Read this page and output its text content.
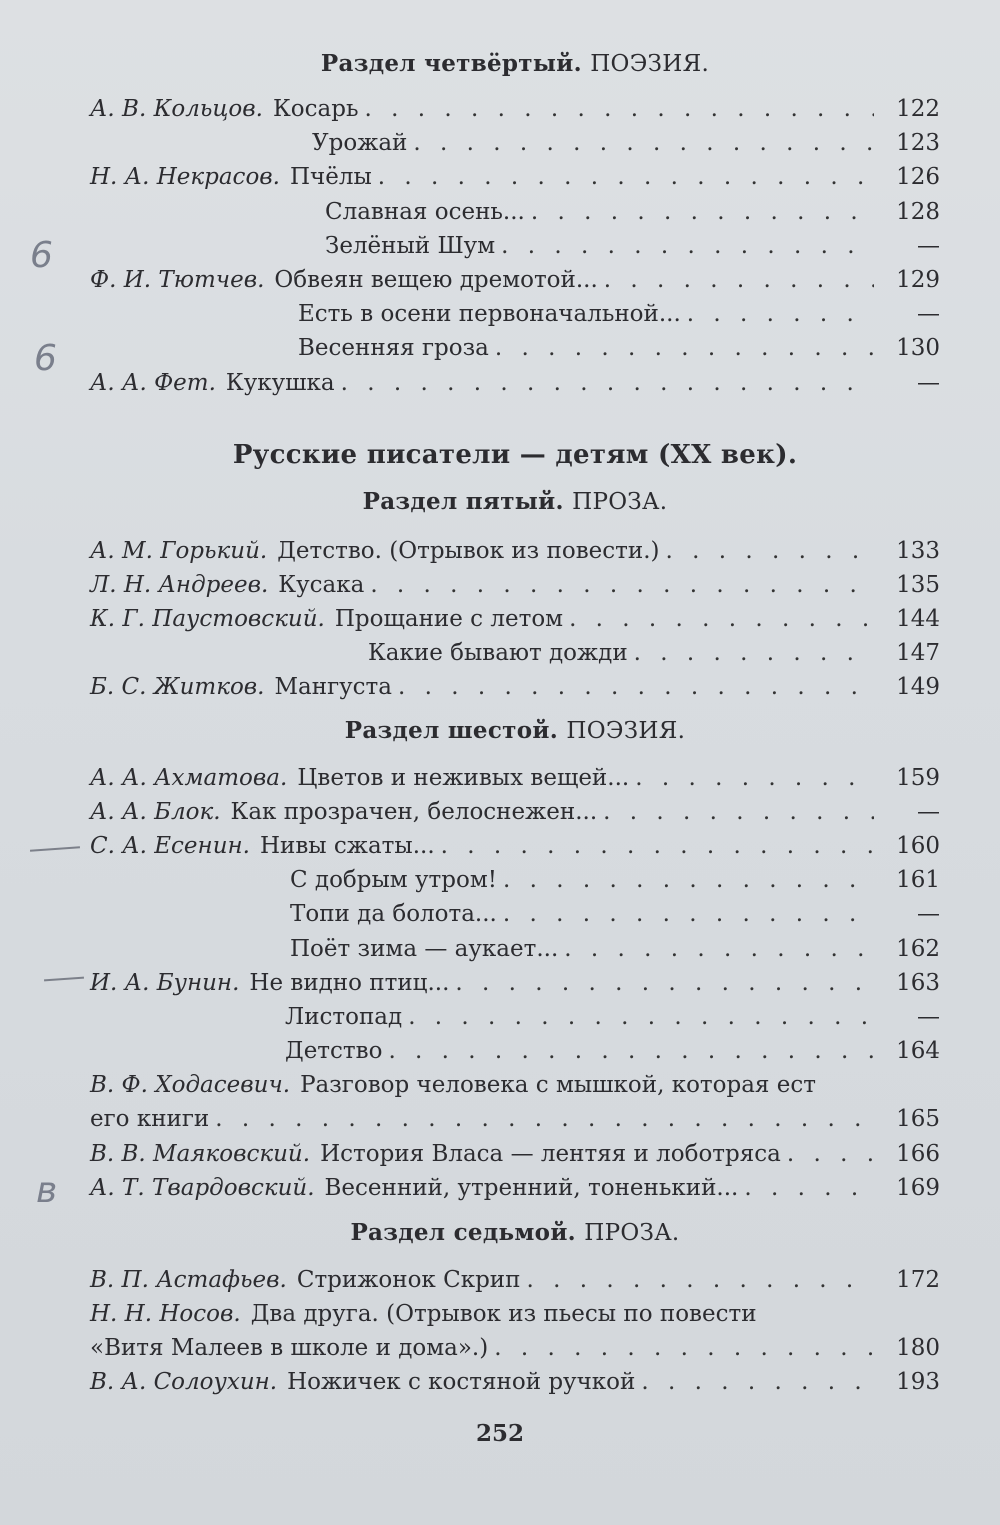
Раздел четвёртый. ПОЭЗИЯ.
А. В. Кольцов. Косарь . . .	122
Урожай . . .	123
Н. А. Некрасов. Пчёлы . . .	126
Славная осень... . . .	128
Зелёный Шум . . .	—
Ф. И. Тютчев. Обвеян вещею дремотой... . . .	129
Есть в осени первоначальной... . . .	—
Весенняя гроза . . .	130
А. А. Фет. Кукушка . . .	—
Русские писатели — детям (XX век).
Раздел пятый. ПРОЗА.
А. М. Горький. Детство. (Отрывок из повести.) . . .	133
Л. Н. Андреев. Кусака . . .	135
К. Г. Паустовский. Прощание с летом . . .	144
Какие бывают дожди . . .	147
Б. С. Житков. Мангуста . . .	149
Раздел шестой. ПОЭЗИЯ.
А. А. Ахматова. Цветов и неживых вещей... . . .	159
А. А. Блок. Как прозрачен, белоснежен... . . .	—
С. А. Есенин. Нивы сжаты... . . .	160
С добрым утром! . . .	161
Топи да болота... . . .	—
Поёт зима — аукает... . . .	162
И. А. Бунин. Не видно птиц... . . .	163
Листопад . . .	—
Детство . . .	164
В. Ф. Ходасевич. Разговор человека с мышкой, которая ест
его книги . . .	165
В. В. Маяковский. История Власа — лентяя и лоботряса . . .	166
А. Т. Твардовский. Весенний, утренний, тоненький... . . .	169
Раздел седьмой. ПРОЗА.
В. П. Астафьев. Стрижонок Скрип . . .	172
Н. Н. Носов. Два друга. (Отрывок из пьесы по повести
«Витя Малеев в школе и дома».) . . .	180
В. А. Солоухин. Ножичек с костяной ручкой . . .	193
252
6
6
в
